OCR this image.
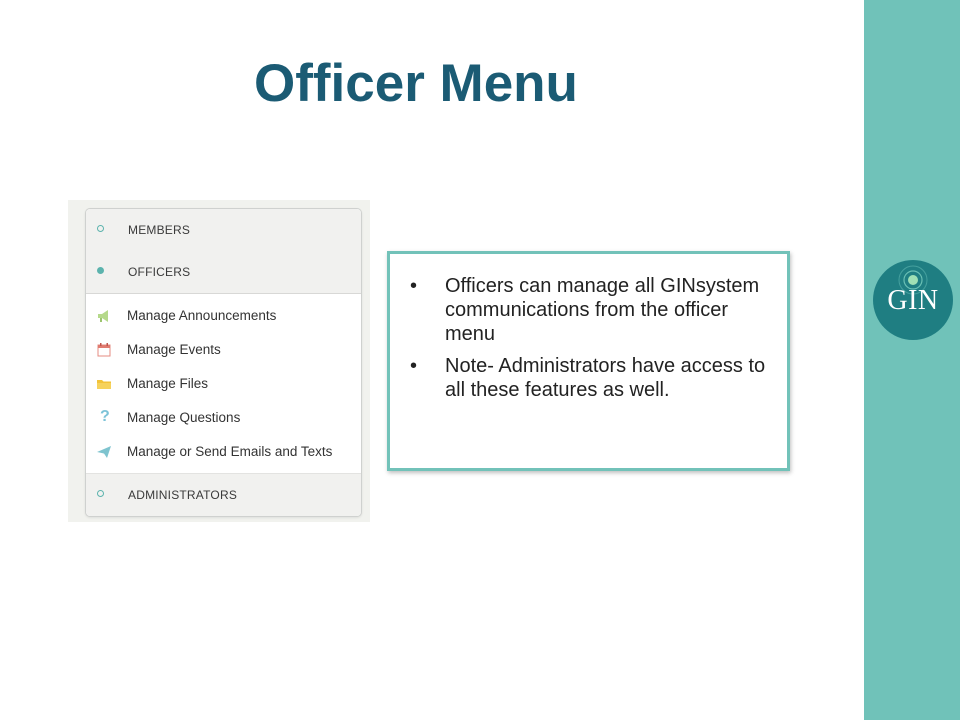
GIN
Officer Menu
MEMBERS
OFFICERS
Manage Announcements
Manage Events
Manage Files
? Manage Questions
Manage or Send Emails and Texts
ADMINISTRATORS
• Officers can manage all GINsystem communications from the officer menu
• Note- Administrators have access to all these features as well.
